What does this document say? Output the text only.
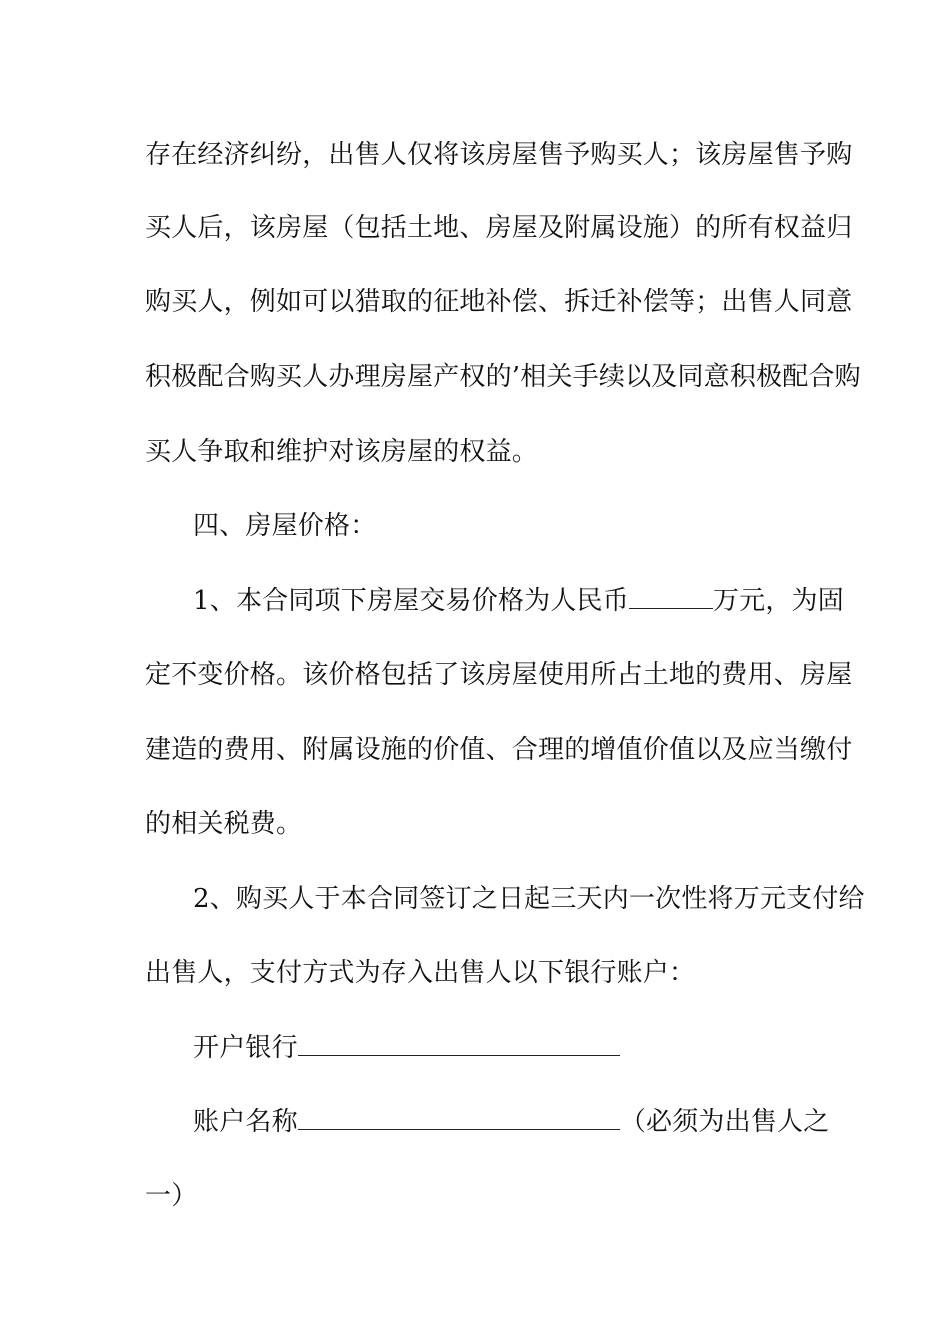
存在经济纠纷，出售人仅将该房屋售予购买人；该房屋售予购
买人后，该房屋（包括土地、房屋及附属设施）的所有权益归
购买人，例如可以猎取的征地补偿、拆迁补偿等；出售人同意
积极配合购买人办理房屋产权的’相关手续以及同意积极配合购
买人争取和维护对该房屋的权益。
四、房屋价格：
1、本合同项下房屋交易价格为人民币	万元，为固
定不变价格。该价格包括了该房屋使用所占土地的费用、房屋
建造的费用、附属设施的价值、合理的增值价值以及应当缴付
的相关税费。
2、购买人于本合同签订之日起三天内一次性将万元支付给
出售人，支付方式为存入出售人以下银行账户：
开户银行
账户名称	（必须为出售人之
一）
